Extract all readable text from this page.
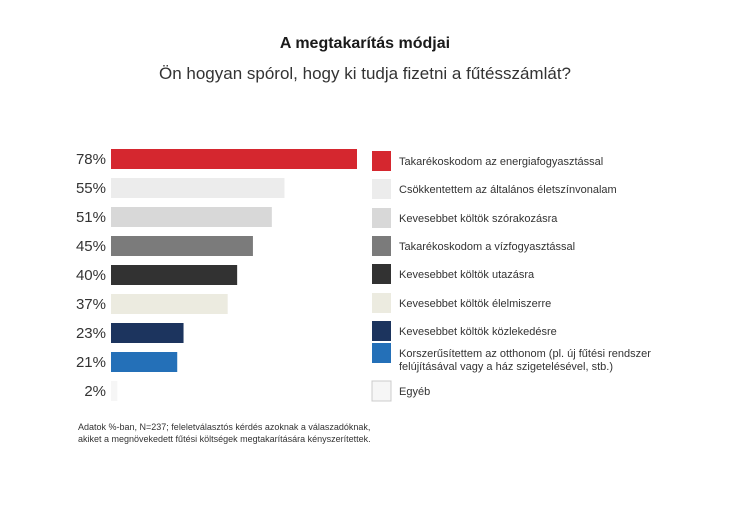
A megtakarítás módjai
Ön hogyan spórol, hogy ki tudja fizetni a fűtésszámlát?
78%	Takarékoskodom az energiafogyasztással
55%	Csökkentettem az általános életszínvonalam
51%	Kevesebbet költök szórakozásra
45%	Takarékoskodom a vízfogyasztással
40%	Kevesebbet költök utazásra
37%	Kevesebbet költök élelmiszerre
23%	Kevesebbet költök közlekedésre
21%	Korszerűsítettem az otthonom (pl. új fűtési rendszer felújításával vagy a ház szigetelésével, stb.)
2%	Egyéb
Adatok %-ban, N=237; feleletválasztós kérdés azoknak a válaszadóknak, akiket a megnövekedett fűtési költségek megtakarítására kényszerítettek.
